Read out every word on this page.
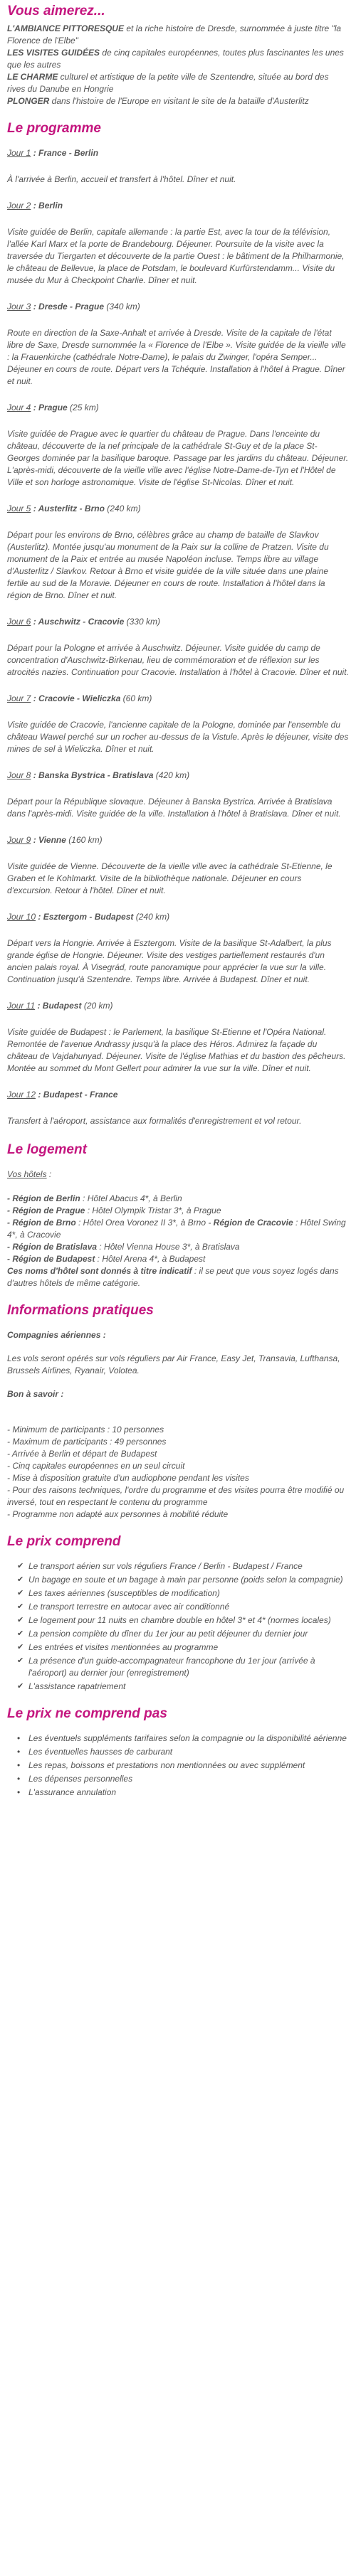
Vous aimerez...

L'AMBIANCE PITTORESQUE et la riche histoire de Dresde, surnommée à juste titre "la Florence de l'Elbe"

LES VISITES GUIDÉES de cinq capitales européennes, toutes plus fascinantes les unes que les autres

LE CHARME culturel et artistique de la petite ville de Szentendre, située au bord des rives du Danube en Hongrie

PLONGER dans l'histoire de l'Europe en visitant le site de la bataille d'Austerlitz

Le programme

Jour 1 : France - Berlin

À l'arrivée à Berlin, accueil et transfert à l'hôtel. Dîner et nuit.

Jour 2 : Berlin

Visite guidée de Berlin, capitale allemande : la partie Est, avec la tour de la télévision, l'allée Karl Marx et la porte de Brandebourg. Déjeuner. Poursuite de la visite avec la traversée du Tiergarten et découverte de la partie Ouest : le bâtiment de la Philharmonie, le château de Bellevue, la place de Potsdam, le boulevard Kurfürstendamm... Visite du musée du Mur à Checkpoint Charlie. Dîner et nuit.

Jour 3 : Dresde - Prague (340 km)

Route en direction de la Saxe-Anhalt et arrivée à Dresde. Visite de la capitale de l'état libre de Saxe, Dresde surnommée la « Florence de l'Elbe ». Visite guidée de la vieille ville : la Frauenkirche (cathédrale Notre-Dame), le palais du Zwinger, l'opéra Semper... Déjeuner en cours de route. Départ vers la Tchéquie. Installation à l'hôtel à Prague. Dîner et nuit.

Jour 4 : Prague (25 km)

Visite guidée de Prague avec le quartier du château de Prague. Dans l'enceinte du château, découverte de la nef principale de la cathédrale St-Guy et de la place St-Georges dominée par la basilique baroque. Passage par les jardins du château. Déjeuner. L'après-midi, découverte de la vieille ville avec l'église Notre-Dame-de-Tyn et l'Hôtel de Ville et son horloge astronomique. Visite de l'église St-Nicolas. Dîner et nuit.

Jour 5 : Austerlitz - Brno (240 km)

Départ pour les environs de Brno, célèbres grâce au champ de bataille de Slavkov (Austerlitz). Montée jusqu'au monument de la Paix sur la colline de Pratzen. Visite du monument de la Paix et entrée au musée Napoléon incluse. Temps libre au village d'Austerlitz / Slavkov. Retour à Brno et visite guidée de la ville située dans une plaine fertile au sud de la Moravie. Déjeuner en cours de route. Installation à l'hôtel dans la région de Brno. Dîner et nuit.

Jour 6 : Auschwitz - Cracovie (330 km)

Départ pour la Pologne et arrivée à Auschwitz. Déjeuner. Visite guidée du camp de concentration d'Auschwitz-Birkenau, lieu de commémoration et de réflexion sur les atrocités nazies. Continuation pour Cracovie. Installation à l'hôtel à Cracovie. Dîner et nuit.

Jour 7 : Cracovie - Wieliczka (60 km)

Visite guidée de Cracovie, l'ancienne capitale de la Pologne, dominée par l'ensemble du château Wawel perché sur un rocher au-dessus de la Vistule. Après le déjeuner, visite des mines de sel à Wieliczka. Dîner et nuit.

Jour 8 : Banska Bystrica - Bratislava (420 km)

Départ pour la République slovaque. Déjeuner à Banska Bystrica. Arrivée à Bratislava dans l'après-midi. Visite guidée de la ville. Installation à l'hôtel à Bratislava. Dîner et nuit.

Jour 9 : Vienne (160 km)

Visite guidée de Vienne. Découverte de la vieille ville avec la cathédrale St-Etienne, le Graben et le Kohlmarkt. Visite de la bibliothèque nationale. Déjeuner en cours d'excursion. Retour à l'hôtel. Dîner et nuit.

Jour 10 : Esztergom - Budapest (240 km)

Départ vers la Hongrie. Arrivée à Esztergom. Visite de la basilique St-Adalbert, la plus grande église de Hongrie. Déjeuner. Visite des vestiges partiellement restaurés d'un ancien palais royal. À Visegrád, route panoramique pour apprécier la vue sur la ville. Continuation jusqu'à Szentendre. Temps libre. Arrivée à Budapest. Dîner et nuit.

Jour 11 : Budapest (20 km)

Visite guidée de Budapest : le Parlement, la basilique St-Etienne et l'Opéra National. Remontée de l'avenue Andrassy jusqu'à la place des Héros. Admirez la façade du château de Vajdahunyad. Déjeuner. Visite de l'église Mathias et du bastion des pêcheurs. Montée au sommet du Mont Gellert pour admirer la vue sur la ville. Dîner et nuit.

Jour 12 : Budapest - France

Transfert à l'aéroport, assistance aux formalités d'enregistrement et vol retour.

Le logement

Vos hôtels :

- Région de Berlin : Hôtel Abacus 4*, à Berlin

- Région de Prague : Hôtel Olympik Tristar 3*, à Prague

- Région de Brno : Hôtel Orea Voronez II 3*, à Brno - Région de Cracovie : Hôtel Swing 4*, à Cracovie

- Région de Bratislava : Hôtel Vienna House 3*, à Bratislava

- Région de Budapest : Hôtel Arena 4*, à Budapest

Ces noms d'hôtel sont donnés à titre indicatif : il se peut que vous soyez logés dans d'autres hôtels de même catégorie.

Informations pratiques

Compagnies aériennes :

Les vols seront opérés sur vols réguliers par Air France, Easy Jet, Transavia, Lufthansa, Brussels Airlines, Ryanair, Volotea.

Bon à savoir :

- Minimum de participants : 10 personnes

- Maximum de participants : 49 personnes

- Arrivée à Berlin et départ de Budapest

- Cinq capitales européennes en un seul circuit

- Mise à disposition gratuite d'un audiophone pendant les visites

- Pour des raisons techniques, l'ordre du programme et des visites pourra être modifié ou inversé, tout en respectant le contenu du programme

- Programme non adapté aux personnes à mobilité réduite

Le prix comprend
✔ Le transport aérien sur vols réguliers France / Berlin - Budapest / France
✔ Un bagage en soute et un bagage à main par personne (poids selon la compagnie)
✔ Les taxes aériennes (susceptibles de modification)
✔ Le transport terrestre en autocar avec air conditionné
✔ Le logement pour 11 nuits en chambre double en hôtel 3* et 4* (normes locales)
✔ La pension complète du dîner du 1er jour au petit déjeuner du dernier jour
✔ Les entrées et visites mentionnées au programme
✔ La présence d'un guide-accompagnateur francophone du 1er jour (arrivée à l'aéroport) au dernier jour (enregistrement)
✔ L'assistance rapatriement
Le prix ne comprend pas
• Les éventuels suppléments tarifaires selon la compagnie ou la disponibilité aérienne
• Les éventuelles hausses de carburant
• Les repas, boissons et prestations non mentionnées ou avec supplément
• Les dépenses personnelles
• L'assurance annulation
